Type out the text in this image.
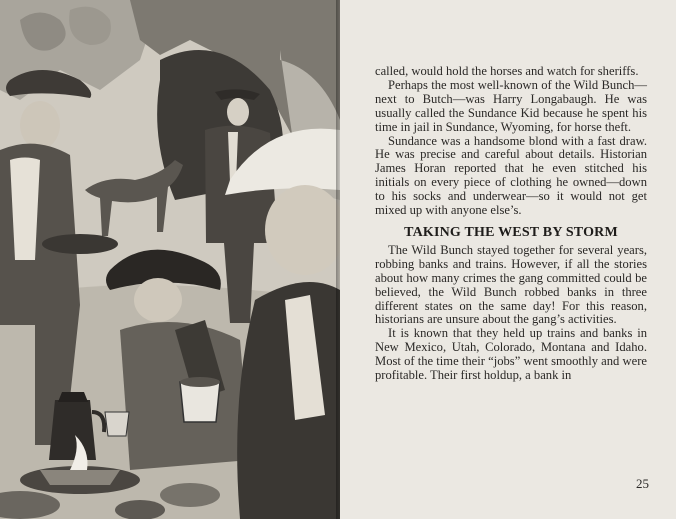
called, would hold the horses and watch for sheriffs.

Perhaps the most well-known of the Wild Bunch—next to Butch—was Harry Longabaugh. He was usually called the Sundance Kid because he spent his time in jail in Sundance, Wyoming, for horse theft.

Sundance was a handsome blond with a fast draw. He was precise and careful about details. Historian James Horan reported that he even stitched his initials on every piece of clothing he owned—down to his socks and underwear—so it would not get mixed up with anyone else’s.

TAKING THE WEST BY STORM

The Wild Bunch stayed together for several years, robbing banks and trains. However, if all the stories about how many crimes the gang committed could be believed, the Wild Bunch robbed banks in three different states on the same day! For this reason, historians are unsure about the gang’s activities.

It is known that they held up trains and banks in New Mexico, Utah, Colorado, Montana and Idaho. Most of the time their “jobs” went smoothly and were profitable. Their first holdup, a bank in

25
